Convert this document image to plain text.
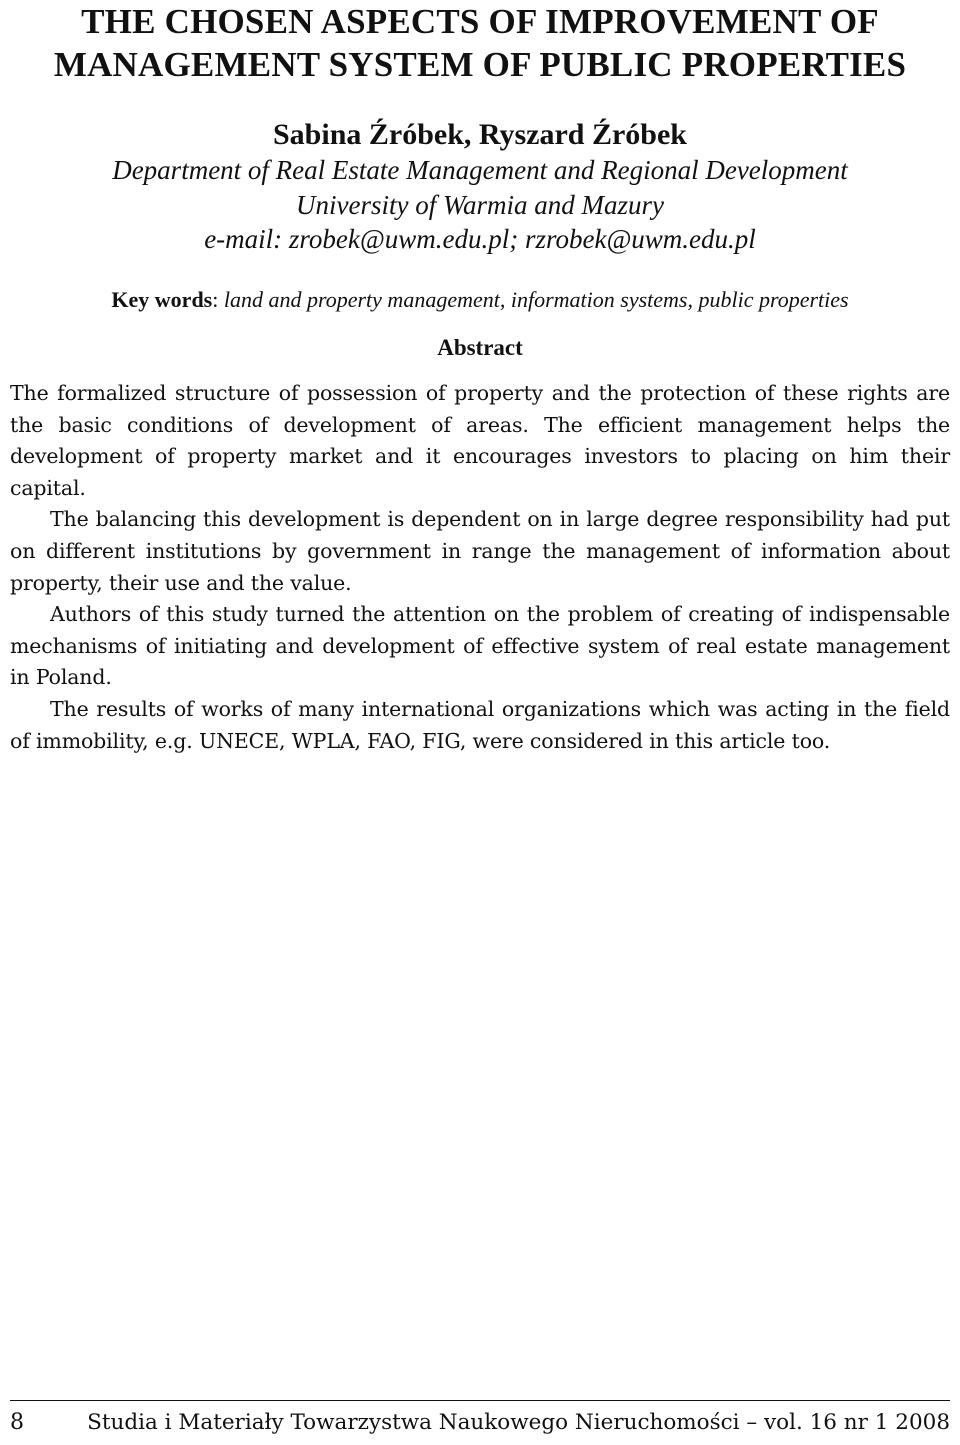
THE CHOSEN ASPECTS OF IMPROVEMENT OF MANAGEMENT SYSTEM OF PUBLIC PROPERTIES
Sabina Źróbek, Ryszard Źróbek
Department of Real Estate Management and Regional Development
University of Warmia and Mazury
e-mail: zrobek@uwm.edu.pl; rzrobek@uwm.edu.pl
Key words: land and property management, information systems, public properties
Abstract

The formalized structure of possession of property and the protection of these rights are the basic conditions of development of areas. The efficient management helps the development of property market and it encourages investors to placing on him their capital.

The balancing this development is dependent on in large degree responsibility had put on different institutions by government in range the management of information about property, their use and the value.

Authors of this study turned the attention on the problem of creating of indispensable mechanisms of initiating and development of effective system of real estate management in Poland.

The results of works of many international organizations which was acting in the field of immobility, e.g. UNECE, WPLA, FAO, FIG, were considered in this article too.

8	Studia i Materiały Towarzystwa Naukowego Nieruchomości – vol. 16 nr 1 2008
